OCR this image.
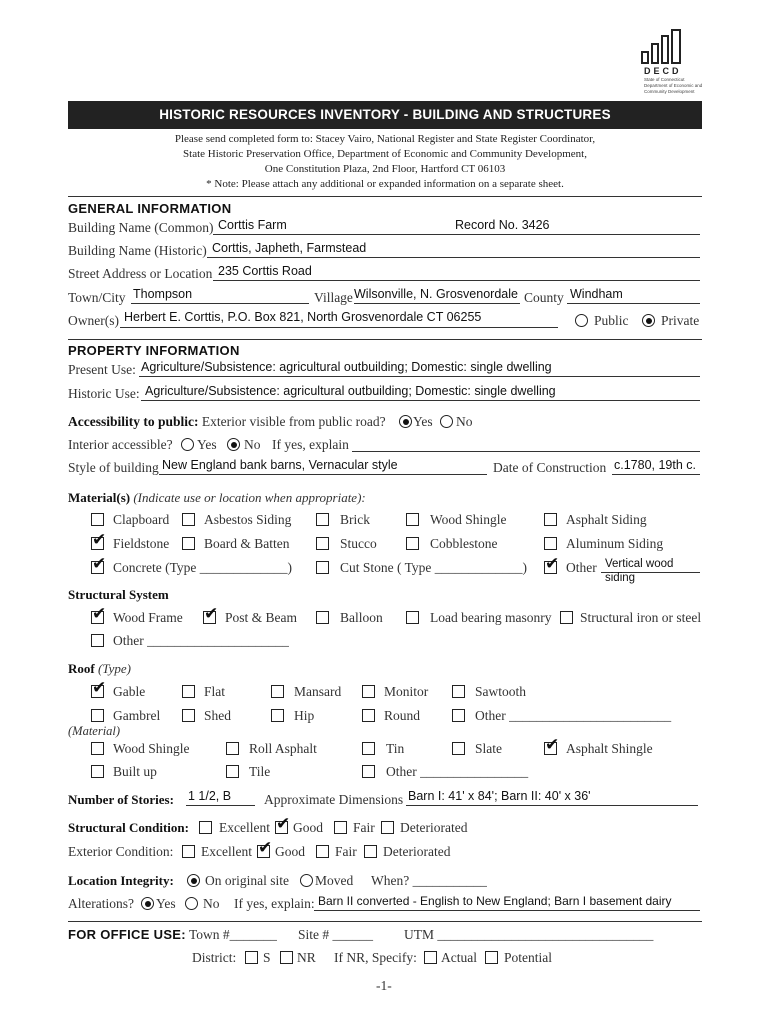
DECD
State of Connecticut
Department of Economic and
Community Development
HISTORIC RESOURCES INVENTORY - BUILDING AND STRUCTURES
Please send completed form to: Stacey Vairo, National Register and State Register Coordinator,
State Historic Preservation Office, Department of Economic and Community Development,
One Constitution Plaza, 2nd Floor, Hartford CT 06103
* Note: Please attach any additional or expanded information on a separate sheet.
GENERAL INFORMATION
Building Name (Common) Corttis Farm	Record No. 3426
Building Name (Historic) Corttis, Japheth, Farmstead
Street Address or Location 235 Corttis Road
Town/City Thompson	Village Wilsonville, N. Grosvenordale County Windham
Owner(s) Herbert E. Corttis, P.O. Box 821, North Grosvenordale CT 06255	Public Private
PROPERTY INFORMATION
Present Use: Agriculture/Subsistence: agricultural outbuilding; Domestic: single dwelling
Historic Use: Agriculture/Subsistence: agricultural outbuilding; Domestic: single dwelling
Accessibility to public: Exterior visible from public road? Yes No
Interior accessible? Yes No If yes, explain
Style of building New England bank barns, Vernacular style	Date of Construction c.1780, 19th c.
Material(s) (Indicate use or location when appropriate):
Clapboard	Asbestos Siding	Brick	Wood Shingle	Asphalt Siding
✔ Fieldstone	Board & Batten	Stucco	Cobblestone	Aluminum Siding
✔ Concrete (Type _____________)	Cut Stone ( Type _____________) ✔ Other Vertical wood
siding
Structural System
✔ Wood Frame ✔ Post & Beam	Balloon	Load bearing masonry Structural iron or steel
Other _____________________
Roof (Type)
✔ Gable	Flat	Mansard	Monitor	Sawtooth
Gambrel	Shed	Hip	Round	Other ________________________
(Material)
Wood Shingle	Roll Asphalt	Tin	Slate	✔ Asphalt Shingle
Built up	Tile	Other ________________
Number of Stories: 1 1/2, B Approximate Dimensions Barn I: 41' x 84'; Barn II: 40' x 36'
Structural Condition: Excellent ✔ Good Fair Deteriorated
Exterior Condition: Excellent ✔ Good Fair Deteriorated
Location Integrity: On original site Moved When? ___________
Alterations? Yes No If yes, explain: Barn II converted - English to New England; Barn I basement dairy
FOR OFFICE USE: Town #_______ Site # ______ UTM ________________________________
District: S NR If NR, Specify: Actual Potential
-1-
